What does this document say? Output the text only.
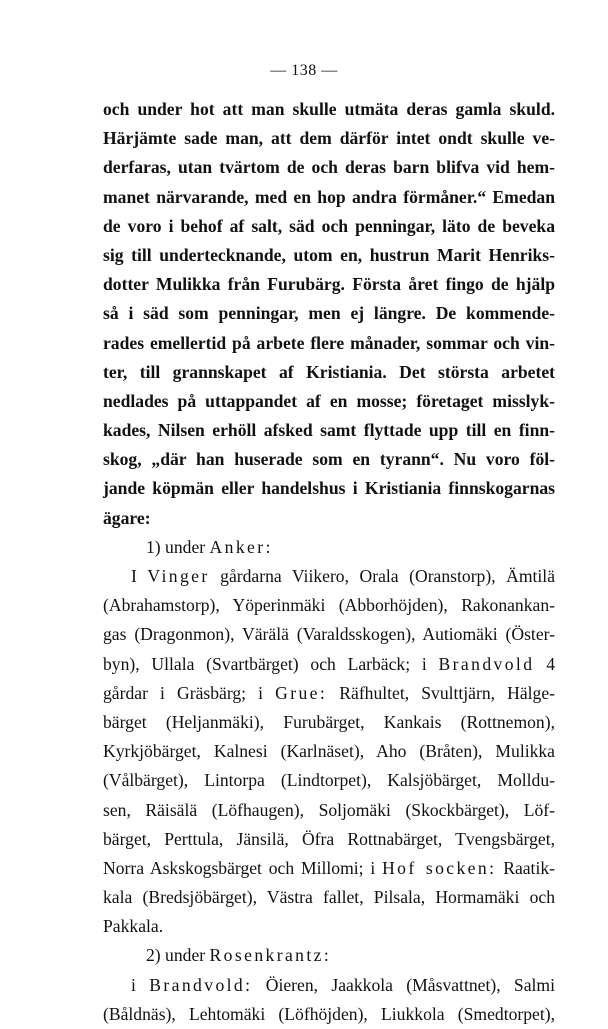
— 138 —
och under hot att man skulle utmäta deras gamla skuld.
Härjämte sade man, att dem därför intet ondt skulle ve-
derfaras, utan tvärtom de och deras barn blifva vid hem-
manet närvarande, med en hop andra förmåner.“ Emedan
de voro i behof af salt, säd och penningar, läto de beveka
sig till undertecknande, utom en, hustrun Marit Henriks-
dotter Mulikka från Furubärg. Första året fingo de hjälp
så i säd som penningar, men ej längre. De kommende-
rades emellertid på arbete flere månader, sommar och vin-
ter, till grannskapet af Kristiania. Det största arbetet
nedlades på uttappandet af en mosse; företaget misslyk-
kades, Nilsen erhöll afsked samt flyttade upp till en finn-
skog, „där han huserade som en tyrann“. Nu voro föl-
jande köpmän eller handelshus i Kristiania finnskogarnas
ägare:
1) under Anker:
I Vinger gårdarna Viikero, Orala (Oranstorp), Ämtilä
(Abrahamstorp), Yöperinmäki (Abborhöjden), Rakonankan-
gas (Dragonmon), Värälä (Varaldsskogen), Autiomäki (Öster-
byn), Ullala (Svartbärget) och Larbäck; i Brandvold 4
gårdar i Gräsbärg; i Grue: Räfhultet, Svulttjärn, Hälge-
bärget (Heljanmäki), Furubärget, Kankais (Rottnemon),
Kyrkjöbärget, Kalnesi (Karlnäset), Aho (Bråten), Mulikka
(Vålbärget), Lintorpa (Lindtorpet), Kalsjöbärget, Molldu-
sen, Räisälä (Löfhaugen), Soljomäki (Skockbärget), Löf-
bärget, Perttula, Jänsilä, Öfra Rottnabärget, Tvengsbärget,
Norra Askskogsbärget och Millomi; i Hof socken: Raatik-
kala (Bredsjöbärget), Västra fallet, Pilsala, Hormamäki och
Pakkala.
2) under Rosenkrantz:
i Brandvold: Öieren, Jaakkola (Måsvattnet), Salmi
(Båldnäs), Lehtomäki (Löfhöjden), Liukkola (Smedtorpet),
